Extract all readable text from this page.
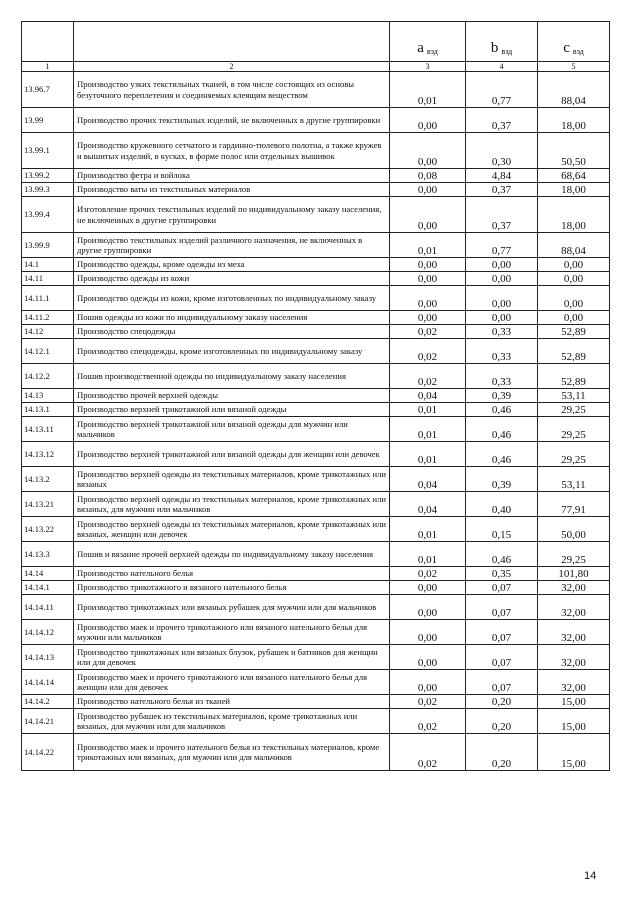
		a $_{вэд}$	b $_{вэд}$	c $_{вэд}$
1	2	3	4	5
13.96.7	Производство узких текстильных тканей, в том числе состоящих из основы безуточного переплетения и соединяемых клеящим веществом	0,01	0,77	88,04
13.99	Производство прочих текстильных изделий, не включенных в другие группировки	0,00	0,37	18,00
13.99.1	Производство кружевного сетчатого и гардинно-тюлевого полотна, а также кружев и вышитых изделий, в кусках, в форме полос или отдельных вышивок	0,00	0,30	50,50
13.99.2	Производство фетра и войлока	0,08	4,84	68,64
13.99.3	Производство ваты из текстильных материалов	0,00	0,37	18,00
13.99.4	Изготовление прочих текстильных изделий по индивидуальному заказу населения, не включенных в другие группировки	0,00	0,37	18,00
13.99.9	Производство текстильных изделий различного назначения, не включенных в другие группировки	0,01	0,77	88,04
14.1	Производство одежды, кроме одежды из меха	0,00	0,00	0,00
14.11	Производство одежды из кожи	0,00	0,00	0,00
14.11.1	Производство одежды из кожи, кроме изготовленных по индивидуальному заказу	0,00	0,00	0,00
14.11.2	Пошив одежды из кожи по индивидуальному заказу населения	0,00	0,00	0,00
14.12	Производство спецодежды	0,02	0,33	52,89
14.12.1	Производство спецодежды, кроме изготовленных по индивидуальному заказу	0,02	0,33	52,89
14.12.2	Пошив производственной одежды по индивидуальному заказу населения	0,02	0,33	52,89
14.13	Производство прочей верхней одежды	0,04	0,39	53,11
14.13.1	Производство верхней трикотажной или вязаной одежды	0,01	0,46	29,25
14.13.11	Производство верхней трикотажной или вязаной одежды для мужчин или мальчиков	0,01	0,46	29,25
14.13.12	Производство верхней трикотажной или вязаной одежды для женщин или девочек	0,01	0,46	29,25
14.13.2	Производство верхней одежды из текстильных материалов, кроме трикотажных или вязаных	0,04	0,39	53,11
14.13.21	Производство верхней одежды из текстильных материалов, кроме трикотажных или вязаных, для мужчин или мальчиков	0,04	0,40	77,91
14.13.22	Производство верхней одежды из текстильных материалов, кроме трикотажных или вязаных, женщин или девочек	0,01	0,15	50,00
14.13.3	Пошив и вязание прочей верхней одежды по индивидуальному заказу населения	0,01	0,46	29,25
14.14	Производство нательного белья	0,02	0,35	101,80
14.14.1	Производство трикотажного и вязаного нательного белья	0,00	0,07	32,00
14.14.11	Производство трикотажных или вязаных рубашек для мужчин или для мальчиков	0,00	0,07	32,00
14.14.12	Производство маек и прочего трикотажного или вязаного нательного белья для мужчин или мальчиков	0,00	0,07	32,00
14.14.13	Производство трикотажных или вязаных блузок, рубашек и батников для женщин или для девочек	0,00	0,07	32,00
14.14.14	Производство маек и прочего трикотажного или вязаного нательного белья для женщин или для девочек	0,00	0,07	32,00
14.14.2	Производство нательного белья из тканей	0,02	0,20	15,00
14.14.21	Производство рубашек из текстильных материалов, кроме трикотажных или вязаных, для мужчин или для мальчиков	0,02	0,20	15,00
14.14.22	Производство маек и прочего нательного белья из текстильных материалов, кроме трикотажных или вязаных, для мужчин или для мальчиков	0,02	0,20	15,00
14
